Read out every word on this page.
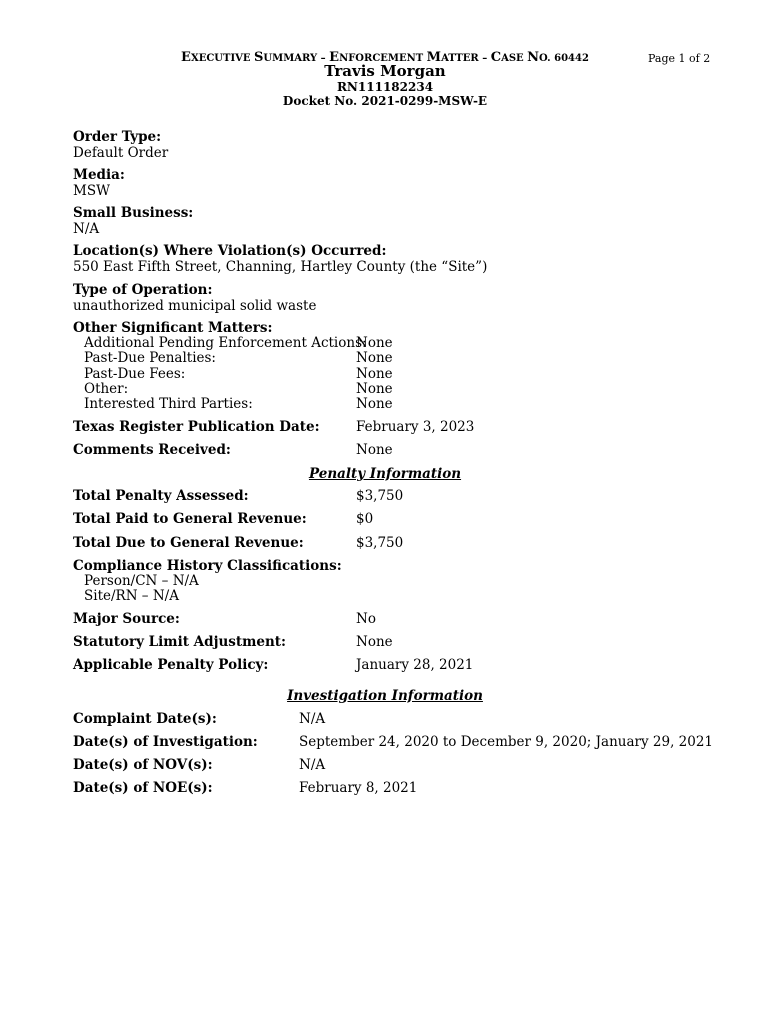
EXECUTIVE SUMMARY – ENFORCEMENT MATTER – CASE NO. 60442	Page 1 of 2
Travis Morgan
RN111182234
Docket No. 2021-0299-MSW-E
Order Type:
Default Order
Media:
MSW
Small Business:
N/A
Location(s) Where Violation(s) Occurred:
550 East Fifth Street, Channing, Hartley County (the “Site”)
Type of Operation:
unauthorized municipal solid waste
Other Significant Matters:
Additional Pending Enforcement Actions:
None
Past-Due Penalties:	None
Past-Due Fees:	None
Other:	None
Interested Third Parties:	None
Texas Register Publication Date:	February 3, 2023
Comments Received:	None
Penalty Information
Total Penalty Assessed:	$3,750
Total Paid to General Revenue:	$0
Total Due to General Revenue:	$3,750
Compliance History Classifications:
Person/CN – N/A
Site/RN – N/A
Major Source:	No
Statutory Limit Adjustment:	None
Applicable Penalty Policy:	January 28, 2021
Investigation Information
Complaint Date(s):	N/A
Date(s) of Investigation:	September 24, 2020 to December 9, 2020; January 29, 2021
Date(s) of NOV(s):	N/A
Date(s) of NOE(s):	February 8, 2021
